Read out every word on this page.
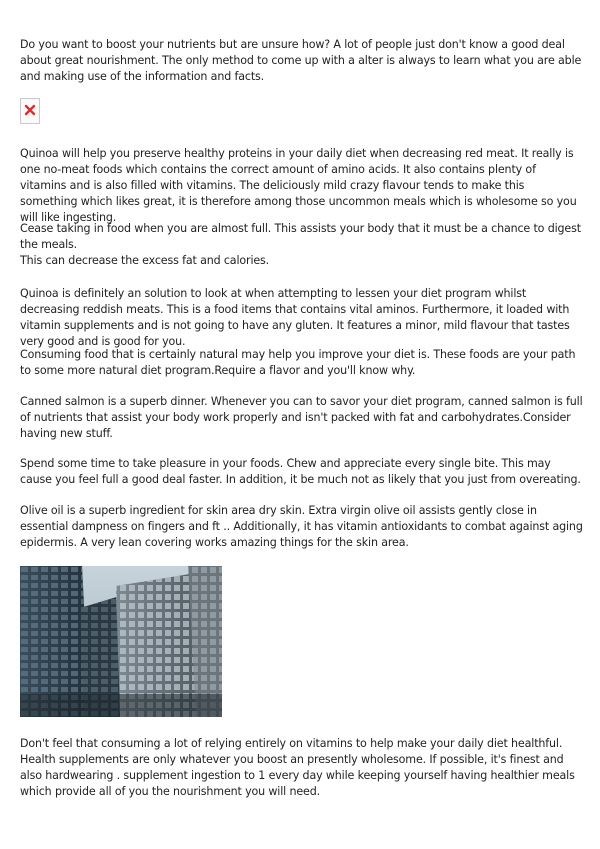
Do you want to boost your nutrients but are unsure how? A lot of people just don't know a good deal about great nourishment. The only method to come up with a alter is always to learn what you are able and making use of the information and facts.

Quinoa will help you preserve healthy proteins in your daily diet when decreasing red meat. It really is one no-meat foods which contains the correct amount of amino acids. It also contains plenty of vitamins and is also filled with vitamins. The deliciously mild crazy flavour tends to make this something which likes great, it is therefore among those uncommon meals which is wholesome so you will like ingesting.

Cease taking in food when you are almost full. This assists your body that it must be a chance to digest the meals.

This can decrease the excess fat and calories.

Quinoa is definitely an solution to look at when attempting to lessen your diet program whilst decreasing reddish meats. This is a food items that contains vital aminos. Furthermore, it loaded with vitamin supplements and is not going to have any gluten. It features a minor, mild flavour that tastes very good and is good for you.

Consuming food that is certainly natural may help you improve your diet is. These foods are your path to some more natural diet program.Require a flavor and you'll know why.

Canned salmon is a superb dinner. Whenever you can to savor your diet program, canned salmon is full of nutrients that assist your body work properly and isn't packed with fat and carbohydrates.Consider having new stuff.

Spend some time to take pleasure in your foods. Chew and appreciate every single bite. This may cause you feel full a good deal faster. In addition, it be much not as likely that you just from overeating.

Olive oil is a superb ingredient for skin area dry skin. Extra virgin olive oil assists gently close in essential dampness on fingers and ft .. Additionally, it has vitamin antioxidants to combat against aging epidermis. A very lean covering works amazing things for the skin area.

Don't feel that consuming a lot of relying entirely on vitamins to help make your daily diet healthful. Health supplements are only whatever you boost an presently wholesome. If possible, it's finest and also hardwearing . supplement ingestion to 1 every day while keeping yourself having healthier meals which provide all of you the nourishment you will need.
